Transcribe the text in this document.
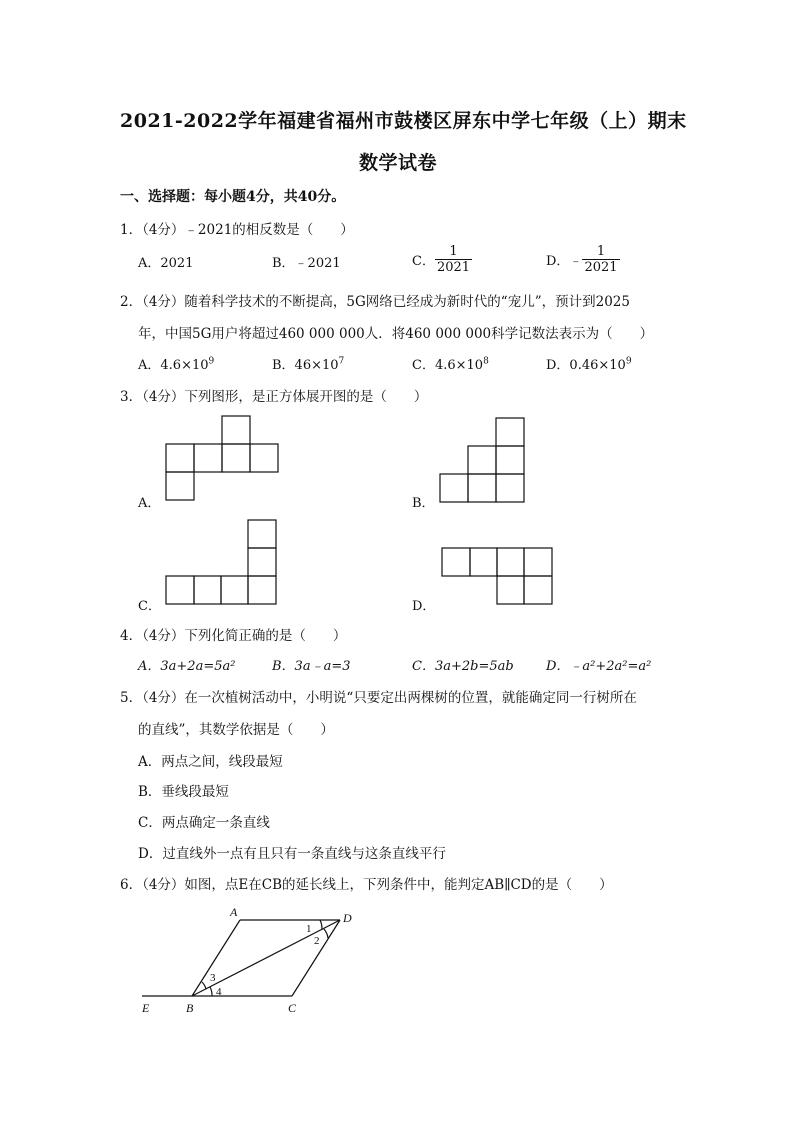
2021-2022学年福建省福州市鼓楼区屏东中学七年级（上）期末
数学试卷
一、选择题：每小题4分，共40分。
1．（4分）﹣2021的相反数是（　　）
A．2021	B．﹣2021	C． $\frac{1}{2021}$	D．﹣ $\frac{1}{2021}$
2．（4分）随着科学技术的不断提高，5G网络已经成为新时代的“宠儿”，预计到2025
年，中国5G用户将超过460 000 000人．将460 000 000科学记数法表示为（　　）
A．$4.6\times 10^9$	B．$46\times 10^7$	C．$4.6\times 10^8$	D．$0.46\times 10^9$
3．（4分）下列图形，是正方体展开图的是（　　）
A．	B．
C．	D．
4．（4分）下列化简正确的是（　　）
A．3a+2a=5a²	B．3a﹣a=3	C．3a+2b=5ab D．﹣a²+2a²=a²
5．（4分）在一次植树活动中，小明说“只要定出两棵树的位置，就能确定同一行树所在
的直线”，其数学依据是（　　）
A．两点之间，线段最短
B．垂线段最短
C．两点确定一条直线
D．过直线外一点有且只有一条直线与这条直线平行
6．（4分）如图，点E在CB的延长线上，下列条件中，能判定AB∥CD的是（　　）
A	D
B	C
E
1
2
3
4
